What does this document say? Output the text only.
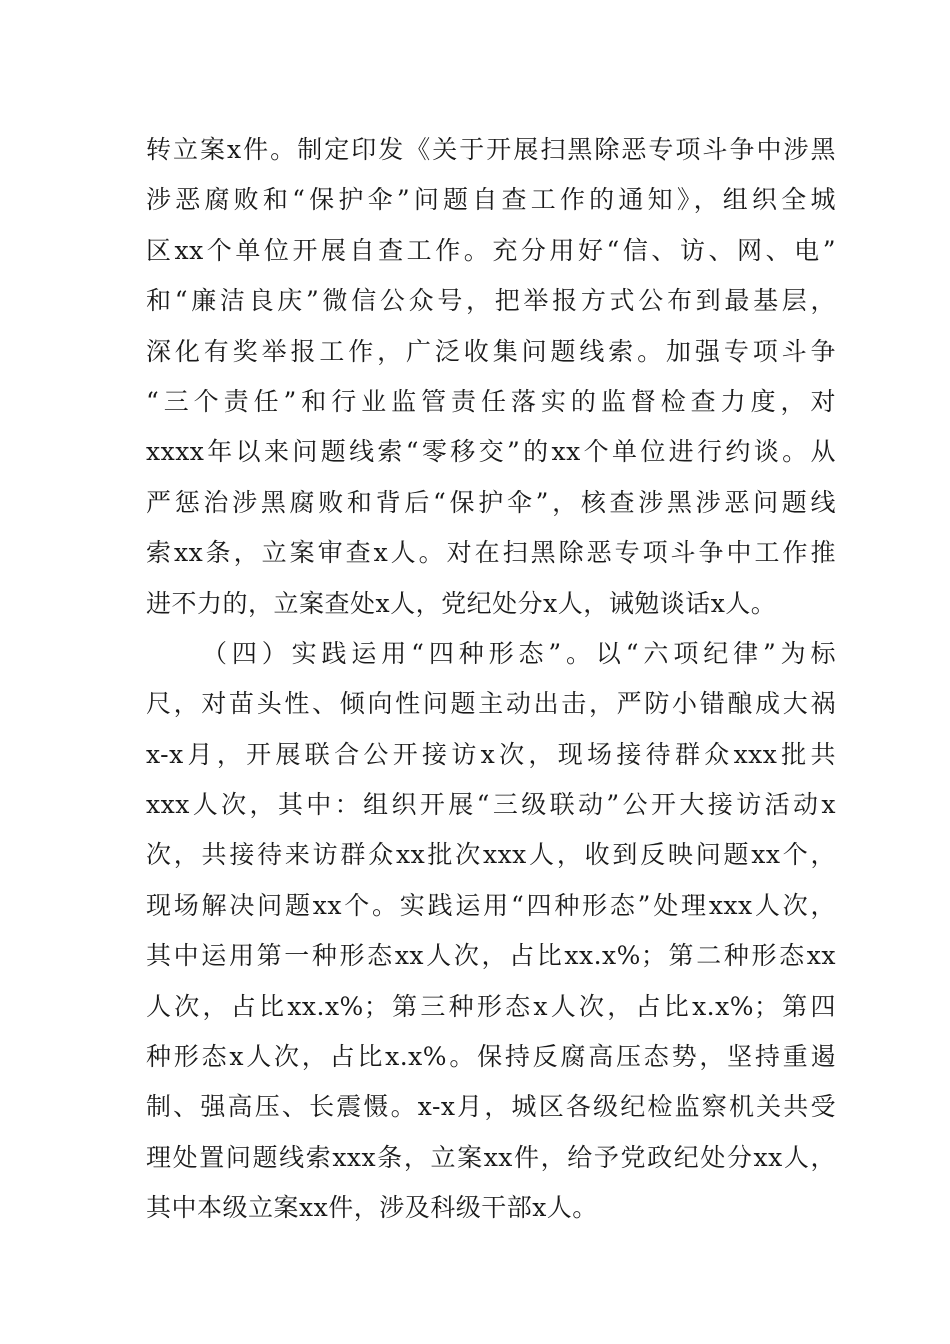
转立案x件。制定印发《关于开展扫黑除恶专项斗争中涉黑
涉恶腐败和“保护伞”问题自查工作的通知》，组织全城
区xx个单位开展自查工作。充分用好“信、访、网、电”
和“廉洁良庆”微信公众号，把举报方式公布到最基层，
深化有奖举报工作，广泛收集问题线索。加强专项斗争
“三个责任”和行业监管责任落实的监督检查力度，对
xxxx年以来问题线索“零移交”的xx个单位进行约谈。从
严惩治涉黑腐败和背后“保护伞”，核查涉黑涉恶问题线
索xx条，立案审查x人。对在扫黑除恶专项斗争中工作推
进不力的，立案查处x人，党纪处分x人，诫勉谈话x人。
（四）实践运用“四种形态”。以“六项纪律”为标
尺，对苗头性、倾向性问题主动出击，严防小错酿成大祸
x-x月，开展联合公开接访x次，现场接待群众xxx批共
xxx人次，其中：组织开展“三级联动”公开大接访活动x
次，共接待来访群众xx批次xxx人，收到反映问题xx个，
现场解决问题xx个。实践运用“四种形态”处理xxx人次，
其中运用第一种形态xx人次，占比xx.x%；第二种形态xx
人次，占比xx.x%；第三种形态x人次，占比x.x%；第四
种形态x人次，占比x.x%。保持反腐高压态势，坚持重遏
制、强高压、长震慑。x-x月，城区各级纪检监察机关共受
理处置问题线索xxx条，立案xx件，给予党政纪处分xx人，
其中本级立案xx件，涉及科级干部x人。
